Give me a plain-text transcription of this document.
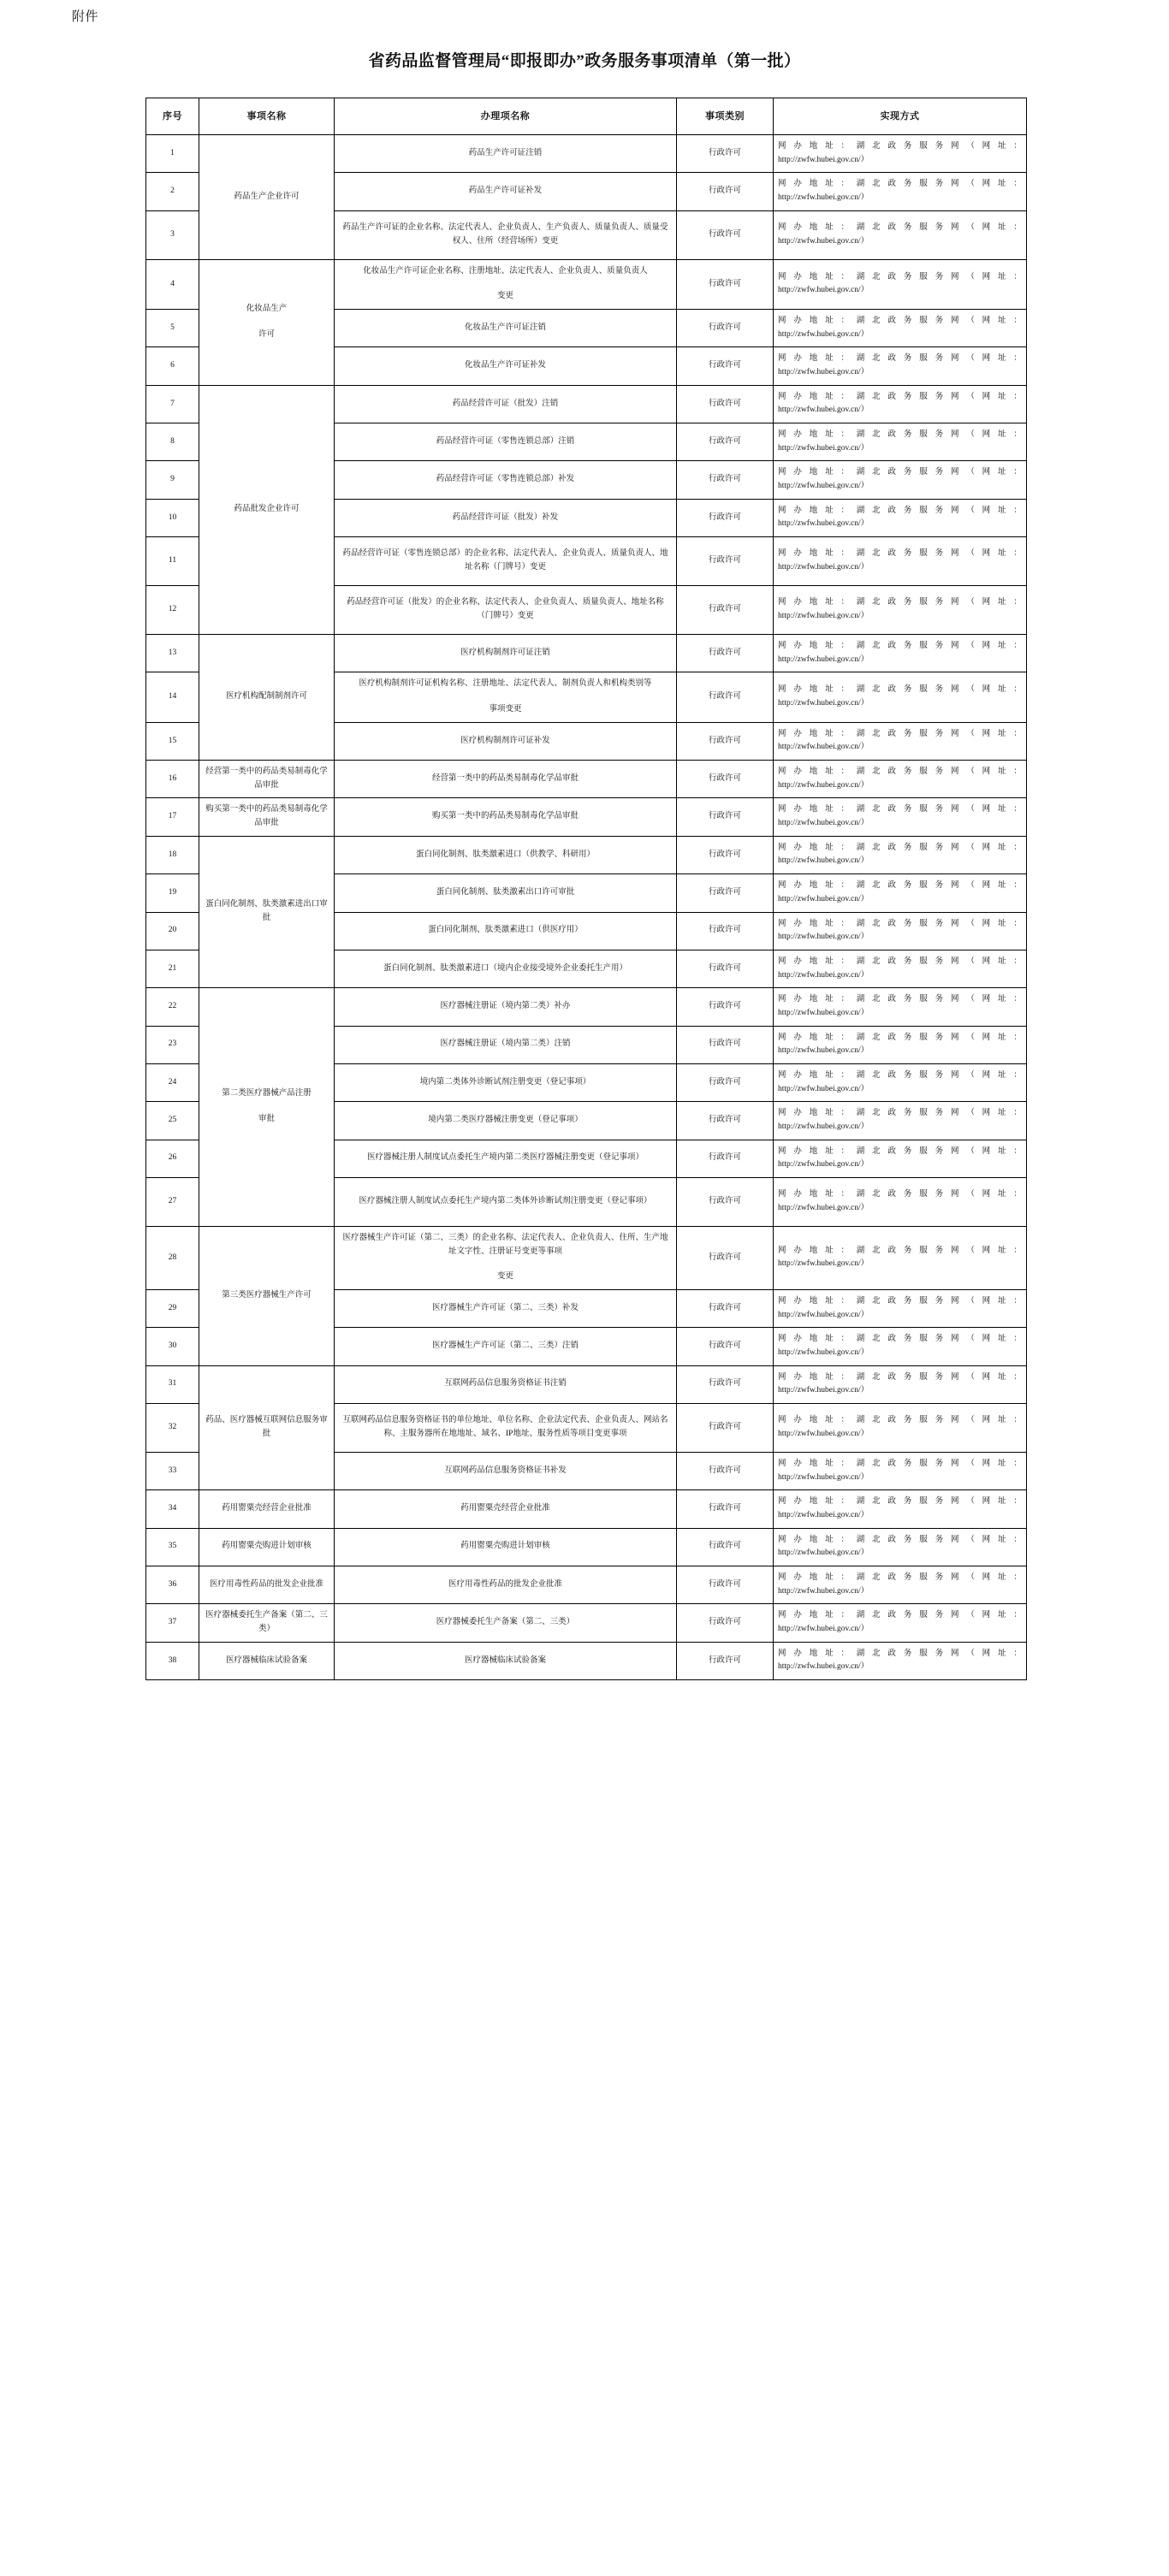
附件
省药品监督管理局“即报即办”政务服务事项清单（第一批）
序号	事项名称	办理项名称	事项类别	实现方式
1	药品生产企业许可	药品生产许可证注销	行政许可	网办地址：湖北政务服务网（网址：
http://zwfw.hubei.gov.cn/）

2		药品生产许可证补发	行政许可	网办地址：湖北政务服务网（网址：
http://zwfw.hubei.gov.cn/）

3		药品生产许可证的企业名称、法定代表人、企业负责人、生产负责人、质量负责人、质量受权人、住所（经营场所）变更	行政许可	网办地址：湖北政务服务网（网址：
http://zwfw.hubei.gov.cn/）

4	化妆品生产
许可	化妆品生产许可证企业名称、注册地址、法定代表人、企业负责人、质量负责人
变更	行政许可	网办地址：湖北政务服务网（网址：
http://zwfw.hubei.gov.cn/）

5		化妆品生产许可证注销	行政许可	网办地址：湖北政务服务网（网址：
http://zwfw.hubei.gov.cn/）

6		化妆品生产许可证补发	行政许可	网办地址：湖北政务服务网（网址：
http://zwfw.hubei.gov.cn/）

7	药品批发企业许可	药品经营许可证（批发）注销	行政许可	网办地址：湖北政务服务网（网址：
http://zwfw.hubei.gov.cn/）

8		药品经营许可证（零售连锁总部）注销	行政许可	网办地址：湖北政务服务网（网址：
http://zwfw.hubei.gov.cn/）

9		药品经营许可证（零售连锁总部）补发	行政许可	网办地址：湖北政务服务网（网址：
http://zwfw.hubei.gov.cn/）

10		药品经营许可证（批发）补发	行政许可	网办地址：湖北政务服务网（网址：
http://zwfw.hubei.gov.cn/）

11		药品经营许可证（零售连锁总部）的企业名称、法定代表人、企业负责人、质量负责人、地址名称（门牌号）变更	行政许可	网办地址：湖北政务服务网（网址：
http://zwfw.hubei.gov.cn/）

12		药品经营许可证（批发）的企业名称、法定代表人、企业负责人、质量负责人、地址名称（门牌号）变更	行政许可	网办地址：湖北政务服务网（网址：
http://zwfw.hubei.gov.cn/）

13	医疗机构配制制剂许可	医疗机构制剂许可证注销	行政许可	网办地址：湖北政务服务网（网址：
http://zwfw.hubei.gov.cn/）

14		医疗机构制剂许可证机构名称、注册地址、法定代表人、制剂负责人和机构类别等
事项变更	行政许可	网办地址：湖北政务服务网（网址：
http://zwfw.hubei.gov.cn/）

15		医疗机构制剂许可证补发	行政许可	网办地址：湖北政务服务网（网址：
http://zwfw.hubei.gov.cn/）

16	经营第一类中的药品类易制毒化学品审批	经营第一类中的药品类易制毒化学品审批	行政许可	网办地址：湖北政务服务网（网址：
http://zwfw.hubei.gov.cn/）

17	购买第一类中的药品类易制毒化学品审批	购买第一类中的药品类易制毒化学品审批	行政许可	网办地址：湖北政务服务网（网址：
http://zwfw.hubei.gov.cn/）

18	蛋白同化制剂、肽类激素进出口审批	蛋白同化制剂、肽类激素进口（供教学、科研用）	行政许可	网办地址：湖北政务服务网（网址：
http://zwfw.hubei.gov.cn/）

19		蛋白同化制剂、肽类激素出口许可审批	行政许可	网办地址：湖北政务服务网（网址：
http://zwfw.hubei.gov.cn/）

20		蛋白同化制剂、肽类激素进口（供医疗用）	行政许可	网办地址：湖北政务服务网（网址：
http://zwfw.hubei.gov.cn/）

21		蛋白同化制剂、肽类激素进口（境内企业接受境外企业委托生产用）	行政许可	网办地址：湖北政务服务网（网址：
http://zwfw.hubei.gov.cn/）

22	第二类医疗器械产品注册
审批	医疗器械注册证（境内第二类）补办	行政许可	网办地址：湖北政务服务网（网址：
http://zwfw.hubei.gov.cn/）

23		医疗器械注册证（境内第二类）注销	行政许可	网办地址：湖北政务服务网（网址：
http://zwfw.hubei.gov.cn/）

24		境内第二类体外诊断试剂注册变更（登记事项）	行政许可	网办地址：湖北政务服务网（网址：
http://zwfw.hubei.gov.cn/）

25		境内第二类医疗器械注册变更（登记事项）	行政许可	网办地址：湖北政务服务网（网址：
http://zwfw.hubei.gov.cn/）

26		医疗器械注册人制度试点委托生产境内第二类医疗器械注册变更（登记事项）	行政许可	网办地址：湖北政务服务网（网址：
http://zwfw.hubei.gov.cn/）

27		医疗器械注册人制度试点委托生产境内第二类体外诊断试剂注册变更（登记事项）	行政许可	网办地址：湖北政务服务网（网址：
http://zwfw.hubei.gov.cn/）

28	第三类医疗器械生产许可	医疗器械生产许可证（第二、三类）的企业名称、法定代表人、企业负责人、住所、生产地址文字性、注册证号变更等事项
变更	行政许可	网办地址：湖北政务服务网（网址：
http://zwfw.hubei.gov.cn/）

29		医疗器械生产许可证（第二、三类）补发	行政许可	网办地址：湖北政务服务网（网址：
http://zwfw.hubei.gov.cn/）

30		医疗器械生产许可证（第二、三类）注销	行政许可	网办地址：湖北政务服务网（网址：
http://zwfw.hubei.gov.cn/）

31	药品、医疗器械互联网信息服务审批	互联网药品信息服务资格证书注销	行政许可	网办地址：湖北政务服务网（网址：
http://zwfw.hubei.gov.cn/）

32		互联网药品信息服务资格证书的单位地址、单位名称、企业法定代表、企业负责人、网站名称、主服务器所在地地址、域名、IP地址、服务性质等项目变更事项	行政许可	网办地址：湖北政务服务网（网址：
http://zwfw.hubei.gov.cn/）

33		互联网药品信息服务资格证书补发	行政许可	网办地址：湖北政务服务网（网址：
http://zwfw.hubei.gov.cn/）

34	药用罂粟壳经营企业批准	药用罂粟壳经营企业批准	行政许可	网办地址：湖北政务服务网（网址：
http://zwfw.hubei.gov.cn/）

35	药用罂粟壳购进计划审核	药用罂粟壳购进计划审核	行政许可	网办地址：湖北政务服务网（网址：
http://zwfw.hubei.gov.cn/）

36	医疗用毒性药品的批发企业批准	医疗用毒性药品的批发企业批准	行政许可	网办地址：湖北政务服务网（网址：
http://zwfw.hubei.gov.cn/）

37	医疗器械委托生产备案（第二、三类）	医疗器械委托生产备案（第二、三类）	行政许可	网办地址：湖北政务服务网（网址：
http://zwfw.hubei.gov.cn/）

38	医疗器械临床试验备案	医疗器械临床试验备案	行政许可	网办地址：湖北政务服务网（网址：
http://zwfw.hubei.gov.cn/）
